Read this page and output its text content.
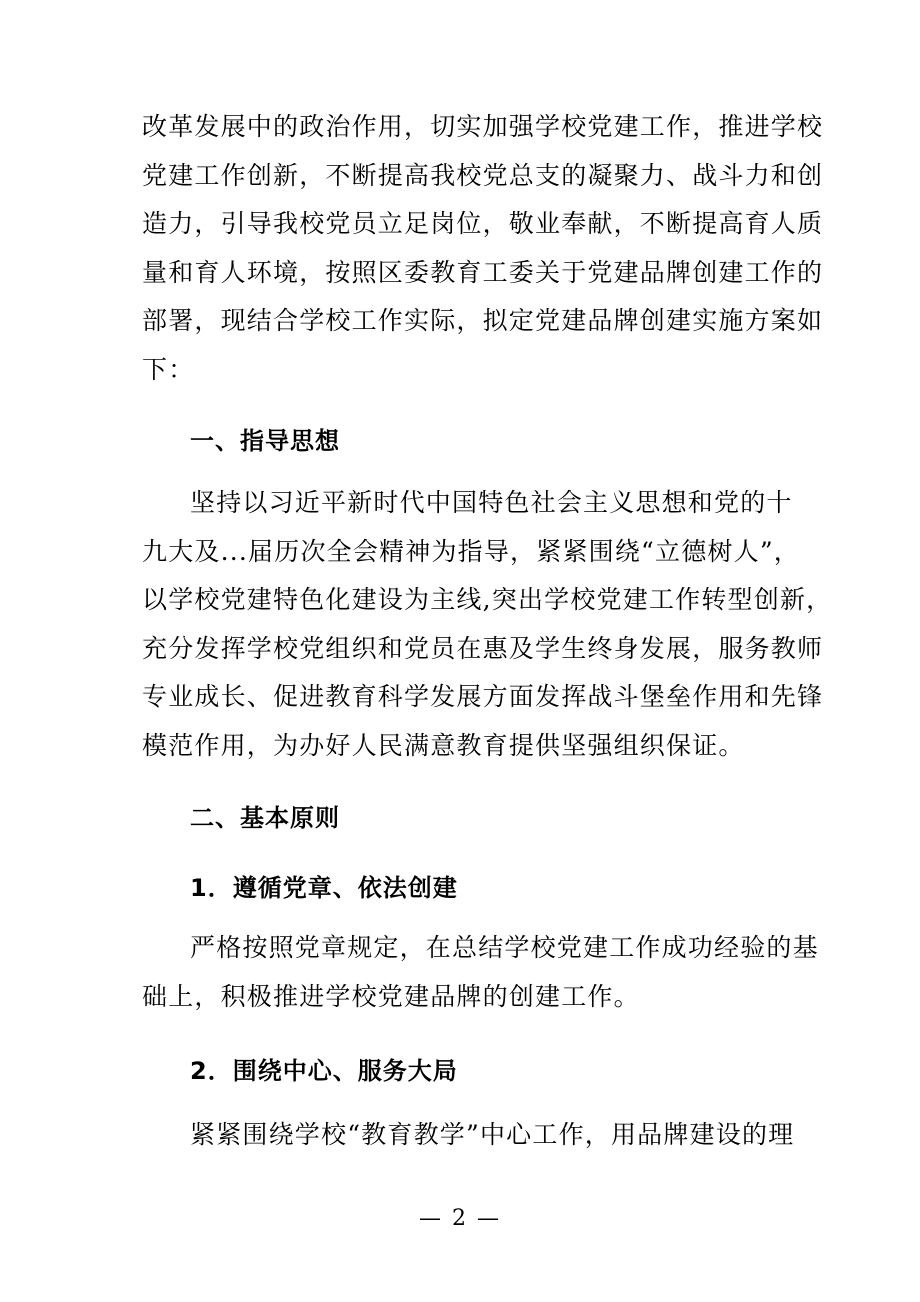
改革发展中的政治作用，切实加强学校党建工作，推进学校
党建工作创新，不断提高我校党总支的凝聚力、战斗力和创
造力，引导我校党员立足岗位，敬业奉献，不断提高育人质
量和育人环境，按照区委教育工委关于党建品牌创建工作的
部署，现结合学校工作实际，拟定党建品牌创建实施方案如
下：
一、指导思想
坚持以习近平新时代中国特色社会主义思想和党的十
九大及...届历次全会精神为指导，紧紧围绕“立德树人”，
以学校党建特色化建设为主线,突出学校党建工作转型创新，
充分发挥学校党组织和党员在惠及学生终身发展，服务教师
专业成长、促进教育科学发展方面发挥战斗堡垒作用和先锋
模范作用，为办好人民满意教育提供坚强组织保证。
二、基本原则
1．遵循党章、依法创建
严格按照党章规定，在总结学校党建工作成功经验的基
础上，积极推进学校党建品牌的创建工作。
2．围绕中心、服务大局
紧紧围绕学校“教育教学”中心工作，用品牌建设的理
— 2 —
